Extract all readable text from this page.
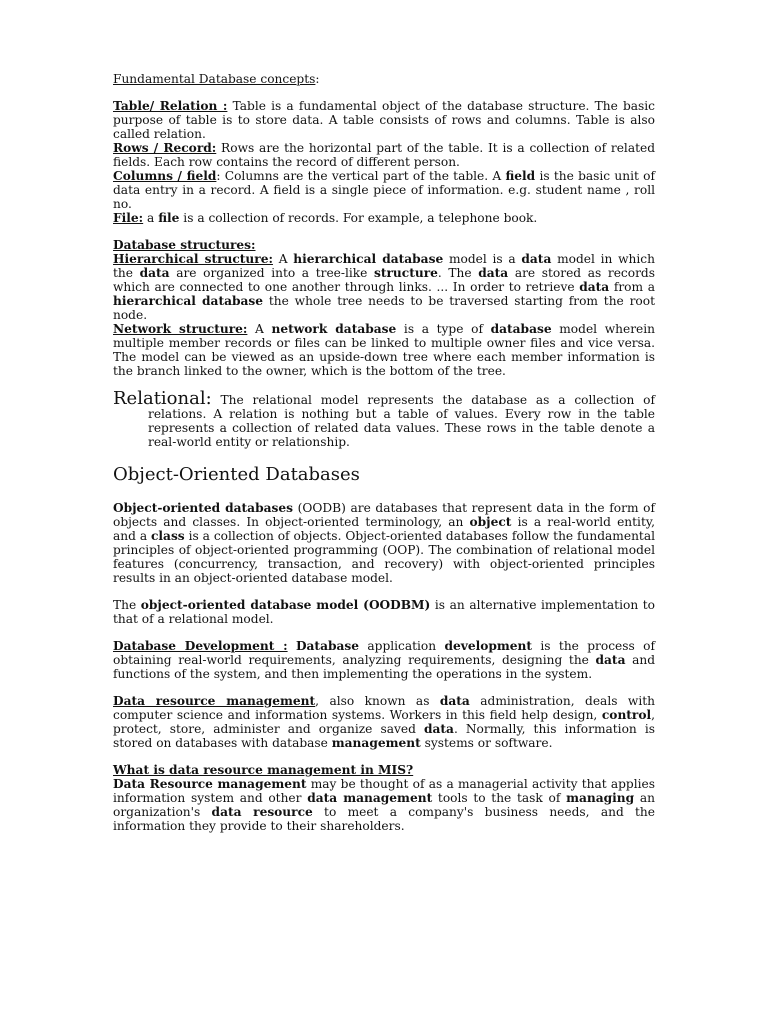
Fundamental Database concepts:

Table/ Relation : Table is a fundamental object of the database structure. The basic purpose of table is to store data. A table consists of rows and columns. Table is also called relation.

Rows / Record: Rows are the horizontal part of the table. It is a collection of related fields. Each row contains the record of different person.

Columns / field: Columns are the vertical part of the table. A field is the basic unit of data entry in a record. A field is a single piece of information. e.g. student name , roll no.

File: a file is a collection of records. For example, a telephone book.

Database structures:

Hierarchical structure: A hierarchical database model is a data model in which the data are organized into a tree-like structure. The data are stored as records which are connected to one another through links. ... In order to retrieve data from a hierarchical database the whole tree needs to be traversed starting from the root node.

Network structure: A network database is a type of database model wherein multiple member records or files can be linked to multiple owner files and vice versa. The model can be viewed as an upside-down tree where each member information is the branch linked to the owner, which is the bottom of the tree.

Relational: The relational model represents the database as a collection of relations. A relation is nothing but a table of values. Every row in the table represents a collection of related data values. These rows in the table denote a real-world entity or relationship.

Object-Oriented Databases

Object-oriented databases (OODB) are databases that represent data in the form of objects and classes. In object-oriented terminology, an object is a real-world entity, and a class is a collection of objects. Object-oriented databases follow the fundamental principles of object-oriented programming (OOP). The combination of relational model features (concurrency, transaction, and recovery) with object-oriented principles results in an object-oriented database model.

The object-oriented database model (OODBM) is an alternative implementation to that of a relational model.

Database Development : Database application development is the process of obtaining real-world requirements, analyzing requirements, designing the data and functions of the system, and then implementing the operations in the system.

Data resource management, also known as data administration, deals with computer science and information systems. Workers in this field help design, control, protect, store, administer and organize saved data. Normally, this information is stored on databases with database management systems or software.

What is data resource management in MIS?

Data Resource management may be thought of as a managerial activity that applies information system and other data management tools to the task of managing an organization's data resource to meet a company's business needs, and the information they provide to their shareholders.
